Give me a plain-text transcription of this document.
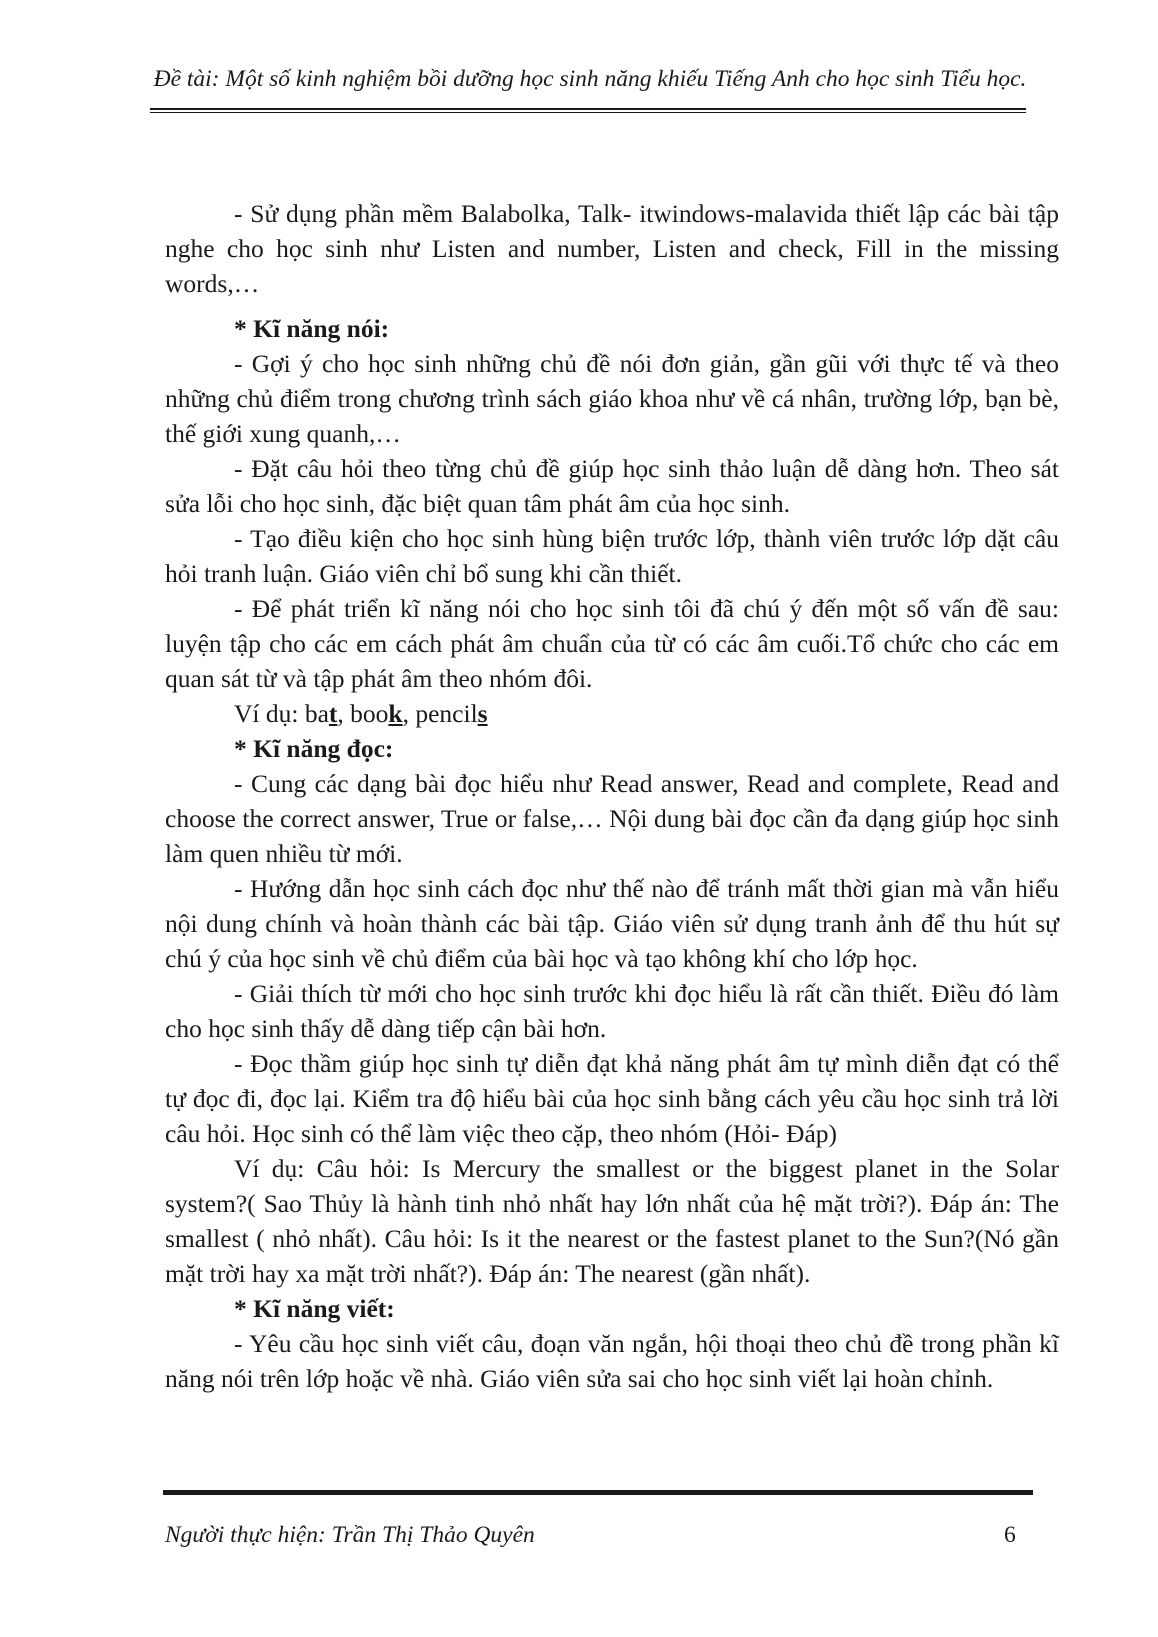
Đề tài: Một số kinh nghiệm bồi dưỡng học sinh năng khiếu Tiếng Anh cho học sinh Tiểu học.

- Sử dụng phần mềm Balabolka, Talk- itwindows-malavida thiết lập các bài tập nghe cho học sinh như Listen and number, Listen and check, Fill in the missing words,…

* Kĩ năng nói:

- Gợi ý cho học sinh những chủ đề nói đơn giản, gần gũi với thực tế và theo những chủ điểm trong chương trình sách giáo khoa như về cá nhân, trường lớp, bạn bè, thế giới xung quanh,…

- Đặt câu hỏi theo từng chủ đề giúp học sinh thảo luận dễ dàng hơn. Theo sát sửa lỗi cho học sinh, đặc biệt quan tâm phát âm của học sinh.

- Tạo điều kiện cho học sinh hùng biện trước lớp, thành viên trước lớp dặt câu hỏi tranh luận. Giáo viên chỉ bổ sung khi cần thiết.

- Để phát triển kĩ năng nói cho học sinh tôi đã chú ý đến một số vấn đề sau: luyện tập cho các em cách phát âm chuẩn của từ có các âm cuối.Tổ chức cho các em quan sát từ và tập phát âm theo nhóm đôi.

Ví dụ: bat, book, pencils

* Kĩ năng đọc:

- Cung các dạng bài đọc hiểu như Read answer, Read and complete, Read and choose the correct answer, True or false,… Nội dung bài đọc cần đa dạng giúp học sinh làm quen nhiều từ mới.

- Hướng dẫn học sinh cách đọc như thế nào để tránh mất thời gian mà vẫn hiểu nội dung chính và hoàn thành các bài tập. Giáo viên sử dụng tranh ảnh để thu hút sự chú ý của học sinh về chủ điểm của bài học và tạo không khí cho lớp học.

- Giải thích từ mới cho học sinh trước khi đọc hiểu là rất cần thiết. Điều đó làm cho học sinh thấy dễ dàng tiếp cận bài hơn.

- Đọc thầm giúp học sinh tự diễn đạt khả năng phát âm tự mình diễn đạt có thể tự đọc đi, đọc lại. Kiểm tra độ hiểu bài của học sinh bằng cách yêu cầu học sinh trả lời câu hỏi. Học sinh có thể làm việc theo cặp, theo nhóm (Hỏi- Đáp)

Ví dụ: Câu hỏi: Is Mercury the smallest or the biggest planet in the Solar system?( Sao Thủy là hành tinh nhỏ nhất hay lớn nhất của hệ mặt trời?). Đáp án: The smallest ( nhỏ nhất). Câu hỏi: Is it the nearest or the fastest planet to the Sun?(Nó gần mặt trời hay xa mặt trời nhất?). Đáp án: The nearest (gần nhất).

* Kĩ năng viết:

- Yêu cầu học sinh viết câu, đoạn văn ngắn, hội thoại theo chủ đề trong phần kĩ năng nói trên lớp hoặc về nhà. Giáo viên sửa sai cho học sinh viết lại hoàn chỉnh.

Người thực hiện: Trần Thị Thảo Quyên	6
